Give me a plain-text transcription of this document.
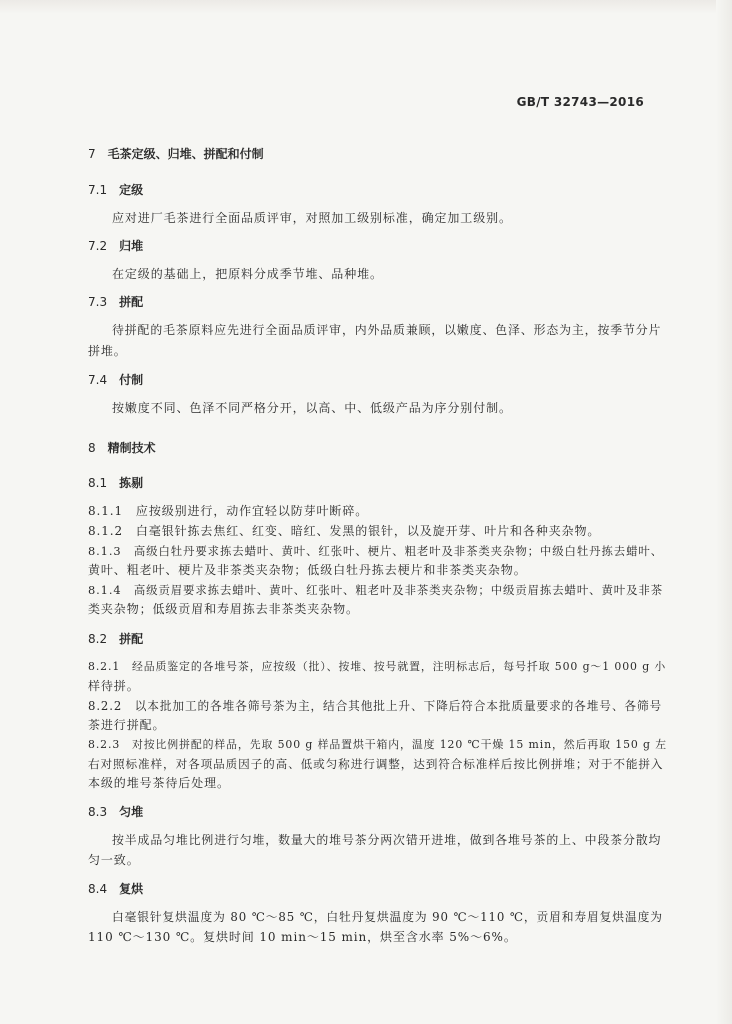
GB/T 32743—2016
7 毛茶定级、归堆、拼配和付制
7.1 定级
应对进厂毛茶进行全面品质评审，对照加工级别标准，确定加工级别。
7.2 归堆
在定级的基础上，把原料分成季节堆、品种堆。
7.3 拼配
待拼配的毛茶原料应先进行全面品质评审，内外品质兼顾，以嫩度、色泽、形态为主，按季节分片
拼堆。
7.4 付制
按嫩度不同、色泽不同严格分开，以高、中、低级产品为序分别付制。
8 精制技术
8.1 拣剔
8.1.1　应按级别进行，动作宜轻以防芽叶断碎。
8.1.2　白毫银针拣去焦红、红变、暗红、发黑的银针，以及旋开芽、叶片和各种夹杂物。
8.1.3　高级白牡丹要求拣去蜡叶、黄叶、红张叶、梗片、粗老叶及非茶类夹杂物；中级白牡丹拣去蜡叶、
黄叶、粗老叶、梗片及非茶类夹杂物；低级白牡丹拣去梗片和非茶类夹杂物。
8.1.4　高级贡眉要求拣去蜡叶、黄叶、红张叶、粗老叶及非茶类夹杂物；中级贡眉拣去蜡叶、黄叶及非茶
类夹杂物；低级贡眉和寿眉拣去非茶类夹杂物。
8.2 拼配
8.2.1　经品质鉴定的各堆号茶，应按级（批）、按堆、按号就置，注明标志后，每号扦取 500 g～1 000 g 小
样待拼。
8.2.2　以本批加工的各堆各筛号茶为主，结合其他批上升、下降后符合本批质量要求的各堆号、各筛号
茶进行拼配。
8.2.3　对按比例拼配的样品，先取 500 g 样品置烘干箱内，温度 120 ℃干燥 15 min，然后再取 150 g 左
右对照标准样，对各项品质因子的高、低或匀称进行调整，达到符合标准样后按比例拼堆；对于不能拼入
本级的堆号茶待后处理。
8.3 匀堆
按半成品匀堆比例进行匀堆，数量大的堆号茶分两次错开进堆，做到各堆号茶的上、中段茶分散均
匀一致。
8.4 复烘
白毫银针复烘温度为 80 ℃～85 ℃，白牡丹复烘温度为 90 ℃～110 ℃，贡眉和寿眉复烘温度为
110 ℃～130 ℃。复烘时间 10 min～15 min，烘至含水率 5%～6%。
